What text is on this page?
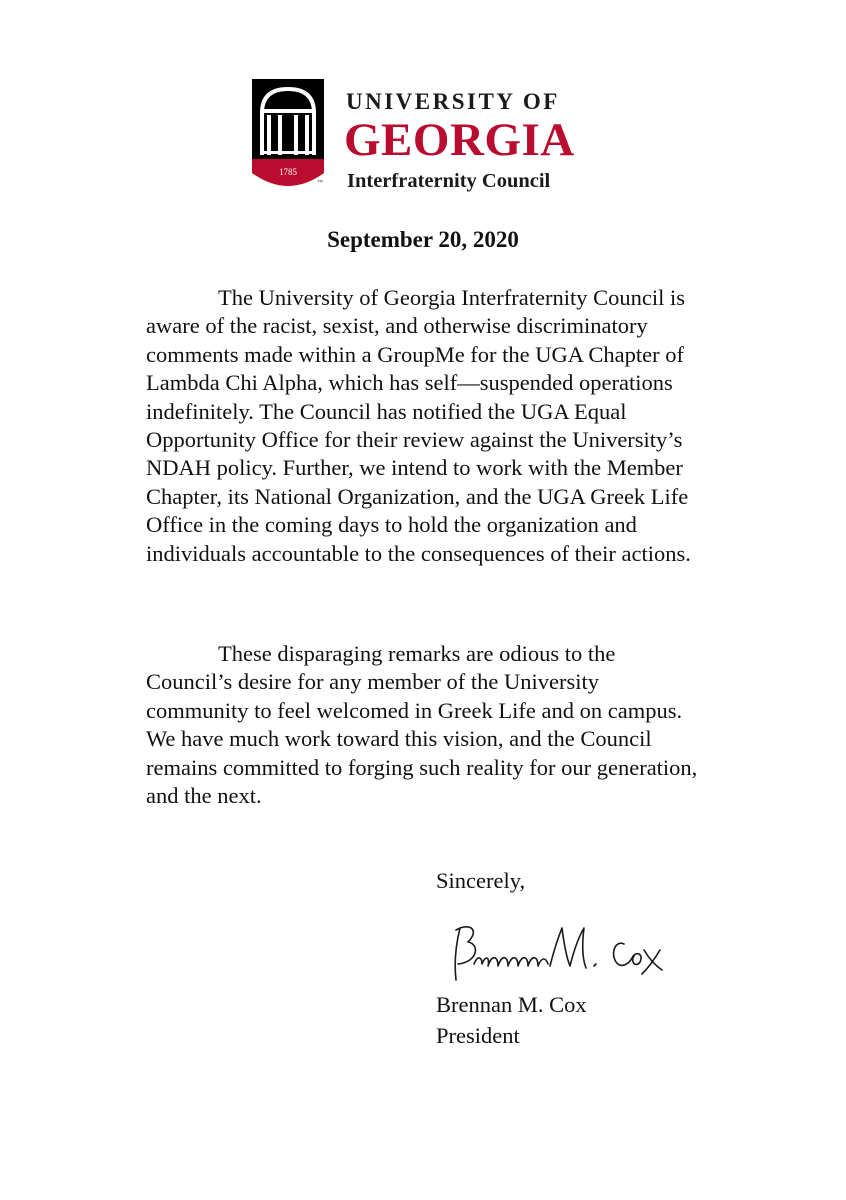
1785
™
UNIVERSITY OF
GEORGIA
Interfraternity Council
September 20, 2020

The University of Georgia Interfraternity Council is aware of the racist, sexist, and otherwise discriminatory comments made within a GroupMe for the UGA Chapter of Lambda Chi Alpha, which has self—suspended operations indefinitely. The Council has notified the UGA Equal Opportunity Office for their review against the University’s NDAH policy. Further, we intend to work with the Member Chapter, its National Organization, and the UGA Greek Life Office in the coming days to hold the organization and individuals accountable to the consequences of their actions.

These disparaging remarks are odious to the Council’s desire for any member of the University community to feel welcomed in Greek Life and on campus. We have much work toward this vision, and the Council remains committed to forging such reality for our generation, and the next.

Sincerely,
Brennan M. Cox
President
